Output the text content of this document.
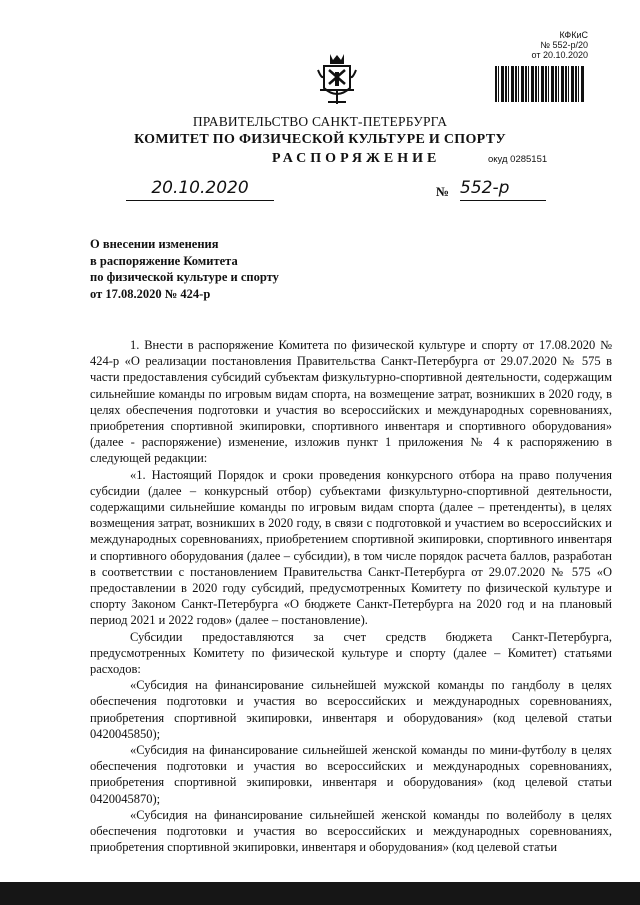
КФКиС
№ 552-р/20
от 20.10.2020
ПРАВИТЕЛЬСТВО САНКТ-ПЕТЕРБУРГА
КОМИТЕТ ПО ФИЗИЧЕСКОЙ КУЛЬТУРЕ И СПОРТУ
РАСПОРЯЖЕНИЕ	окуд 0285151
20.10.2020	№ 552-р
О внесении изменения
в распоряжение Комитета
по физической культуре и спорту
от 17.08.2020 № 424-р

1. Внести в распоряжение Комитета по физической культуре и спорту от 17.08.2020 № 424-р «О реализации постановления Правительства Санкт-Петербурга от 29.07.2020 № 575 в части предоставления субсидий субъектам физкультурно-спортивной деятельности, содержащим сильнейшие команды по игровым видам спорта, на возмещение затрат, возникших в 2020 году, в целях обеспечения подготовки и участия во всероссийских и международных соревнованиях, приобретения спортивной экипировки, спортивного инвентаря и спортивного оборудования» (далее - распоряжение) изменение, изложив пункт 1 приложения № 4 к распоряжению в следующей редакции:

«1. Настоящий Порядок и сроки проведения конкурсного отбора на право получения субсидии (далее – конкурсный отбор) субъектами физкультурно-спортивной деятельности, содержащими сильнейшие команды по игровым видам спорта (далее – претенденты), в целях возмещения затрат, возникших в 2020 году, в связи с подготовкой и участием во всероссийских и международных соревнованиях, приобретением спортивной экипировки, спортивного инвентаря и спортивного оборудования (далее – субсидии), в том числе порядок расчета баллов, разработан в соответствии с постановлением Правительства Санкт-Петербурга от 29.07.2020 № 575 «О предоставлении в 2020 году субсидий, предусмотренных Комитету по физической культуре и спорту Законом Санкт-Петербурга «О бюджете Санкт-Петербурга на 2020 год и на плановый период 2021 и 2022 годов» (далее – постановление).

Субсидии предоставляются за счет средств бюджета Санкт-Петербурга, предусмотренных Комитету по физической культуре и спорту (далее – Комитет) статьями расходов:

«Субсидия на финансирование сильнейшей мужской команды по гандболу в целях обеспечения подготовки и участия во всероссийских и международных соревнованиях, приобретения спортивной экипировки, инвентаря и оборудования» (код целевой статьи 0420045850);

«Субсидия на финансирование сильнейшей женской команды по мини-футболу в целях обеспечения подготовки и участия во всероссийских и международных соревнованиях, приобретения спортивной экипировки, инвентаря и оборудования» (код целевой статьи 0420045870);

«Субсидия на финансирование сильнейшей женской команды по волейболу в целях обеспечения подготовки и участия во всероссийских и международных соревнованиях, приобретения спортивной экипировки, инвентаря и оборудования» (код целевой статьи
